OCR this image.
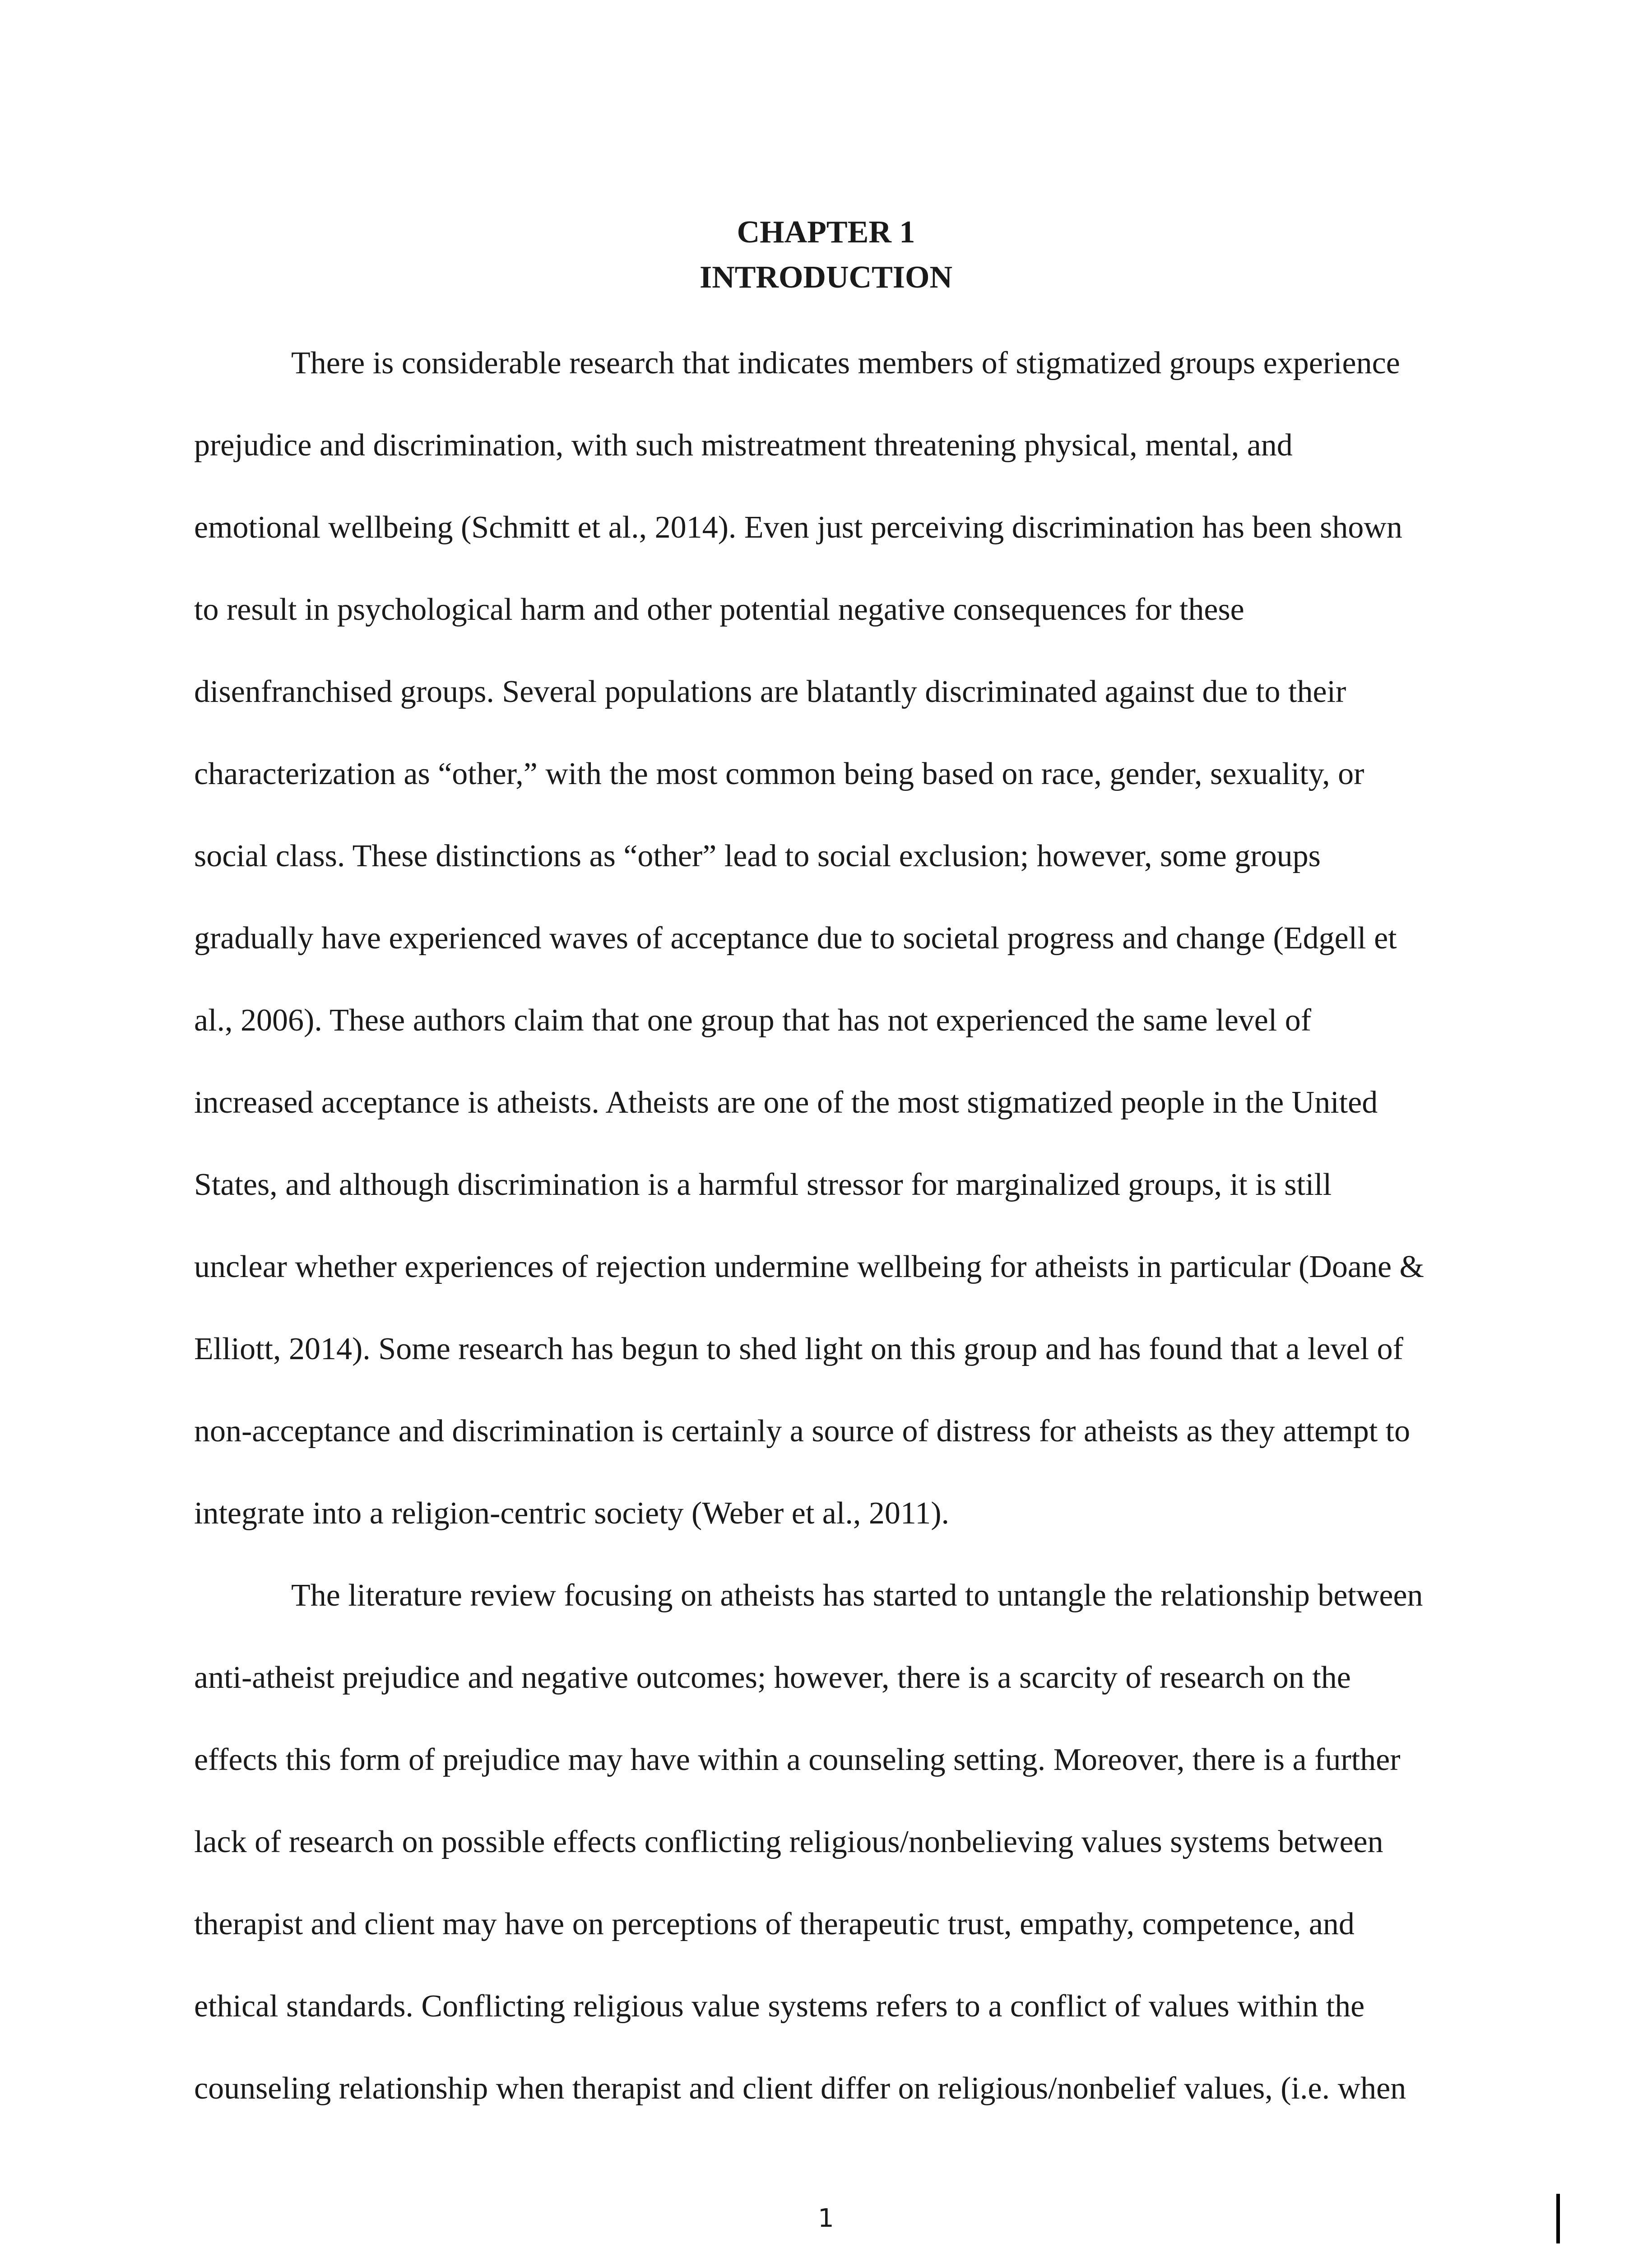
CHAPTER 1
INTRODUCTION
There is considerable research that indicates members of stigmatized groups experience
prejudice and discrimination, with such mistreatment threatening physical, mental, and
emotional wellbeing (Schmitt et al., 2014). Even just perceiving discrimination has been shown
to result in psychological harm and other potential negative consequences for these
disenfranchised groups. Several populations are blatantly discriminated against due to their
characterization as “other,” with the most common being based on race, gender, sexuality, or
social class. These distinctions as “other” lead to social exclusion; however, some groups
gradually have experienced waves of acceptance due to societal progress and change (Edgell et
al., 2006). These authors claim that one group that has not experienced the same level of
increased acceptance is atheists. Atheists are one of the most stigmatized people in the United
States, and although discrimination is a harmful stressor for marginalized groups, it is still
unclear whether experiences of rejection undermine wellbeing for atheists in particular (Doane &
Elliott, 2014). Some research has begun to shed light on this group and has found that a level of
non-acceptance and discrimination is certainly a source of distress for atheists as they attempt to
integrate into a religion-centric society (Weber et al., 2011).
The literature review focusing on atheists has started to untangle the relationship between
anti-atheist prejudice and negative outcomes; however, there is a scarcity of research on the
effects this form of prejudice may have within a counseling setting. Moreover, there is a further
lack of research on possible effects conflicting religious/nonbelieving values systems between
therapist and client may have on perceptions of therapeutic trust, empathy, competence, and
ethical standards. Conflicting religious value systems refers to a conflict of values within the
counseling relationship when therapist and client differ on religious/nonbelief values, (i.e. when
1
